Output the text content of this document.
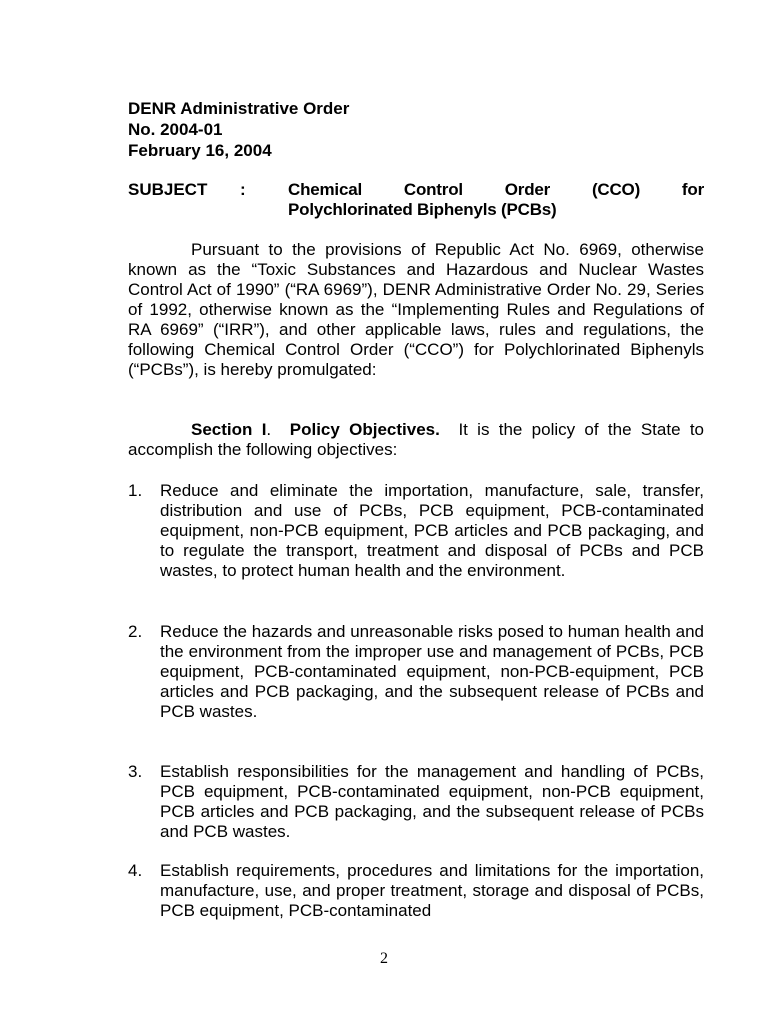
DENR Administrative Order
No. 2004-01
February 16, 2004
SUBJECT : Chemical Control Order (CCO) for
Polychlorinated Biphenyls (PCBs)

Pursuant to the provisions of Republic Act No. 6969, otherwise known as the “Toxic Substances and Hazardous and Nuclear Wastes Control Act of 1990” (“RA 6969”), DENR Administrative Order No. 29, Series of 1992, otherwise known as the “Implementing Rules and Regulations of RA 6969” (“IRR”), and other applicable laws, rules and regulations, the following Chemical Control Order (“CCO”) for Polychlorinated Biphenyls (“PCBs”), is hereby promulgated:

Section I. Policy Objectives. It is the policy of the State to accomplish the following objectives:

1. Reduce and eliminate the importation, manufacture, sale, transfer, distribution and use of PCBs, PCB equipment, PCB-contaminated equipment, non-PCB equipment, PCB articles and PCB packaging, and to regulate the transport, treatment and disposal of PCBs and PCB wastes, to protect human health and the environment.
2. Reduce the hazards and unreasonable risks posed to human health and the environment from the improper use and management of PCBs, PCB equipment, PCB-contaminated equipment, non-PCB-equipment, PCB articles and PCB packaging, and the subsequent release of PCBs and PCB wastes.
3. Establish responsibilities for the management and handling of PCBs, PCB equipment, PCB-contaminated equipment, non-PCB equipment, PCB articles and PCB packaging, and the subsequent release of PCBs and PCB wastes.
4. Establish requirements, procedures and limitations for the importation, manufacture, use, and proper treatment, storage and disposal of PCBs, PCB equipment, PCB-contaminated
2
